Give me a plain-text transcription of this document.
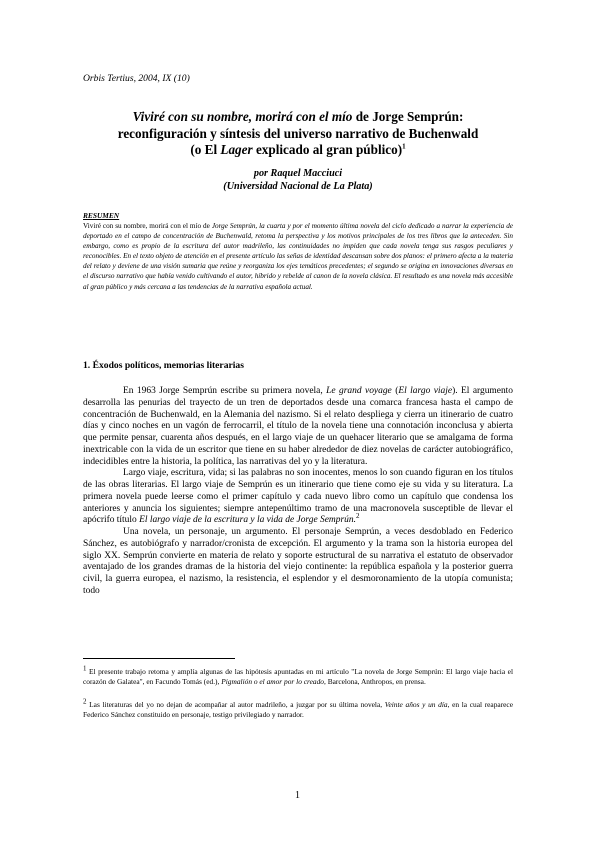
Orbis Tertius, 2004, IX (10)
Viviré con su nombre, morirá con el mío de Jorge Semprún:
reconfiguración y síntesis del universo narrativo de Buchenwald
(o El Lager explicado al gran público)$^1$
por Raquel Macciuci
(Universidad Nacional de La Plata)
RESUMEN
Viviré con su nombre, morirá con el mío de Jorge Semprún, la cuarta y por el momento última novela del ciclo dedicado a narrar la experiencia de deportado en el campo de concentración de Buchenwald, retoma la perspectiva y los motivos principales de los tres libros que la anteceden. Sin embargo, como es propio de la escritura del autor madrileño, las continuidades no impiden que cada novela tenga sus rasgos peculiares y reconocibles. En el texto objeto de atención en el presente artículo las señas de identidad descansan sobre dos planos: el primero afecta a la materia del relato y deviene de una visión sumaria que reúne y reorganiza los ejes temáticos precedentes; el segundo se origina en innovaciones diversas en el discurso narrativo que había venido cultivando el autor, híbrido y rebelde al canon de la novela clásica. El resultado es una novela más accesible al gran público y más cercana a las tendencias de la narrativa española actual.
1. Éxodos políticos, memorias literarias

En 1963 Jorge Semprún escribe su primera novela, Le grand voyage (El largo viaje). El argumento desarrolla las penurias del trayecto de un tren de deportados desde una comarca francesa hasta el campo de concentración de Buchenwald, en la Alemania del nazismo. Si el relato despliega y cierra un itinerario de cuatro días y cinco noches en un vagón de ferrocarril, el título de la novela tiene una connotación inconclusa y abierta que permite pensar, cuarenta años después, en el largo viaje de un quehacer literario que se amalgama de forma inextricable con la vida de un escritor que tiene en su haber alrededor de diez novelas de carácter autobiográfico, indecidibles entre la historia, la política, las narrativas del yo y la literatura.

Largo viaje, escritura, vida; si las palabras no son inocentes, menos lo son cuando figuran en los títulos de las obras literarias. El largo viaje de Semprún es un itinerario que tiene como eje su vida y su literatura. La primera novela puede leerse como el primer capítulo y cada nuevo libro como un capítulo que condensa los anteriores y anuncia los siguientes; siempre antepenúltimo tramo de una macronovela susceptible de llevar el apócrifo título El largo viaje de la escritura y la vida de Jorge Semprún.$^2$

Una novela, un personaje, un argumento. El personaje Semprún, a veces desdoblado en Federico Sánchez, es autobiógrafo y narrador/cronista de excepción. El argumento y la trama son la historia europea del siglo XX. Semprún convierte en materia de relato y soporte estructural de su narrativa el estatuto de observador aventajado de los grandes dramas de la historia del viejo continente: la república española y la posterior guerra civil, la guerra europea, el nazismo, la resistencia, el esplendor y el desmoronamiento de la utopía comunista; todo

$^1$ El presente trabajo retoma y amplía algunas de las hipótesis apuntadas en mi artículo "La novela de Jorge Semprún: El largo viaje hacia el corazón de Galatea", en Facundo Tomás (ed.), Pigmalión o el amor por lo creado, Barcelona, Anthropos, en prensa.
$^2$ Las literaturas del yo no dejan de acompañar al autor madrileño, a juzgar por su última novela, Veinte años y un día, en la cual reaparece Federico Sánchez constituido en personaje, testigo privilegiado y narrador.
1
